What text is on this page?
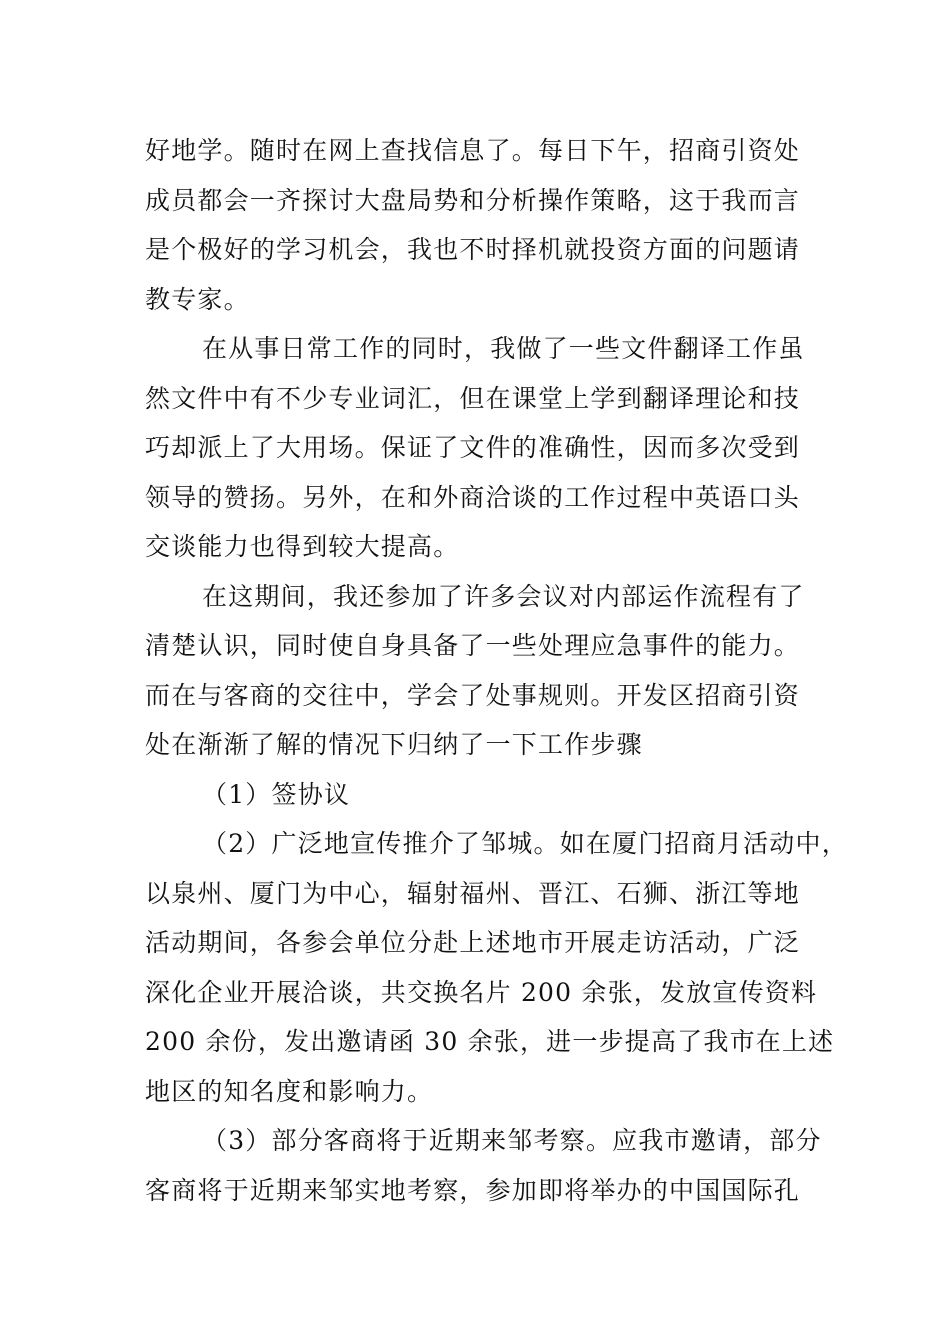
好地学。随时在网上查找信息了。每日下午，招商引资处
成员都会一齐探讨大盘局势和分析操作策略，这于我而言
是个极好的学习机会，我也不时择机就投资方面的问题请
教专家。
在从事日常工作的同时，我做了一些文件翻译工作虽
然文件中有不少专业词汇，但在课堂上学到翻译理论和技
巧却派上了大用场。保证了文件的准确性，因而多次受到
领导的赞扬。另外，在和外商洽谈的工作过程中英语口头
交谈能力也得到较大提高。
在这期间，我还参加了许多会议对内部运作流程有了
清楚认识，同时使自身具备了一些处理应急事件的能力。
而在与客商的交往中，学会了处事规则。开发区招商引资
处在渐渐了解的情况下归纳了一下工作步骤
（1）签协议
（2）广泛地宣传推介了邹城。如在厦门招商月活动中，
以泉州、厦门为中心，辐射福州、晋江、石狮、浙江等地
活动期间，各参会单位分赴上述地市开展走访活动，广泛
深化企业开展洽谈，共交换名片 200 余张，发放宣传资料
200 余份，发出邀请函 30 余张，进一步提高了我市在上述
地区的知名度和影响力。
（3）部分客商将于近期来邹考察。应我市邀请，部分
客商将于近期来邹实地考察，参加即将举办的中国国际孔
